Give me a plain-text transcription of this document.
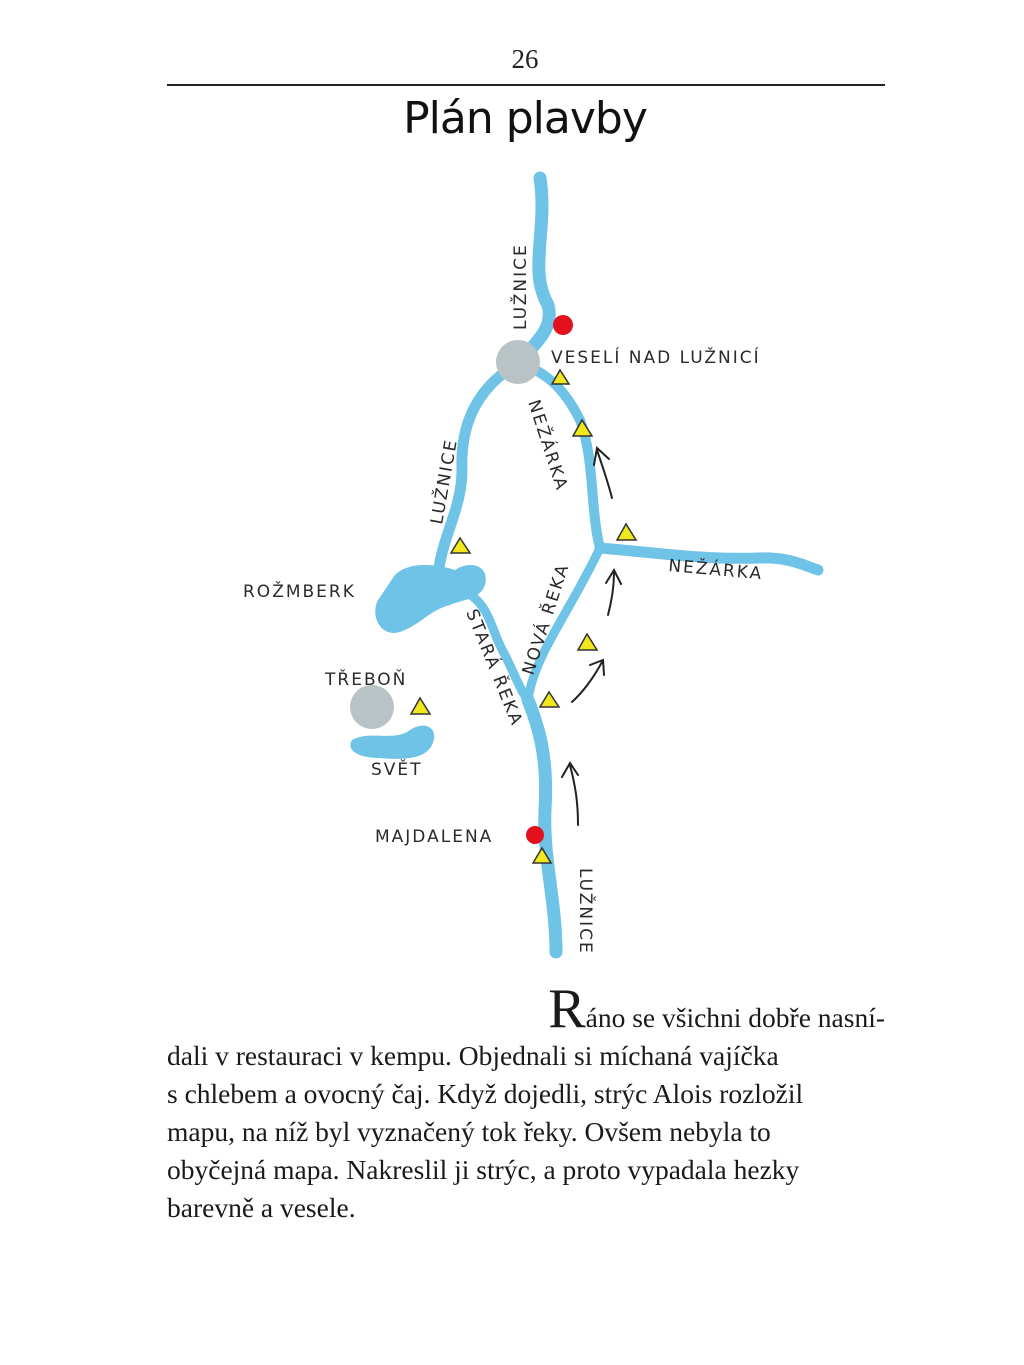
26
Plán plavby
LUŽNICE
VESELÍ NAD LUŽNICÍ
LUŽNICE	NEŽÁRKA
NEŽÁRKA
ROŽMBERK
STARÁ ŘEKA
NOVÁ ŘEKA
TŘEBOŇ
SVĚT
MAJDALENA
LUŽNICE
Ráno se všichni dobře nasní-
dali v restauraci v kempu. Objednali si míchaná vajíčka
s chlebem a ovocný čaj. Když dojedli, strýc Alois rozložil
mapu, na níž byl vyznačený tok řeky. Ovšem nebyla to
obyčejná mapa. Nakreslil ji strýc, a proto vypadala hezky
barevně a vesele.
